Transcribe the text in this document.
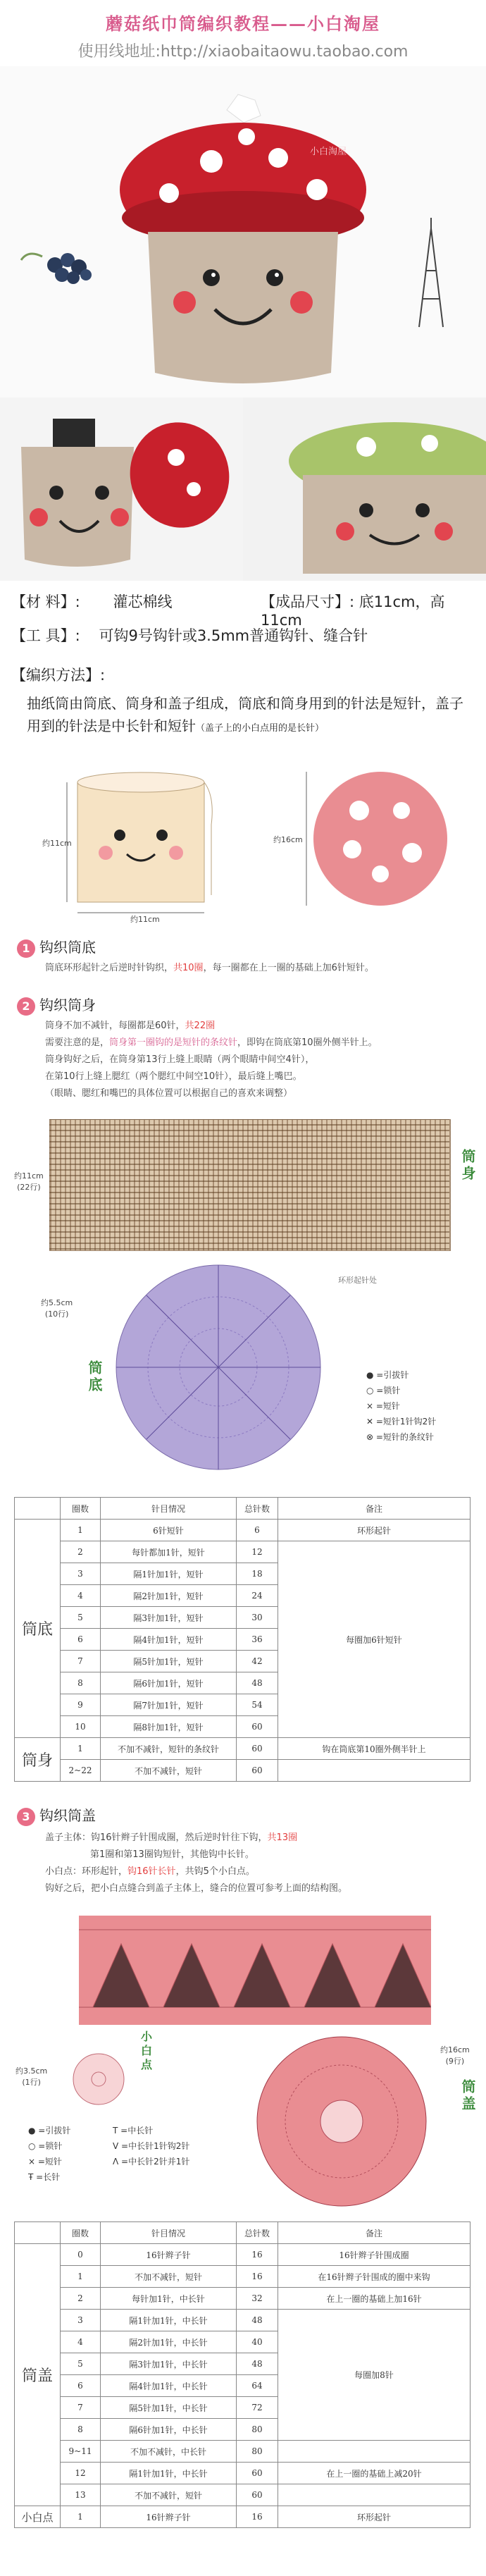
蘑菇纸巾筒编织教程——小白淘屋
使用线地址:http://xiaobaitaowu.taobao.com
小白淘屋
【材 料】: 灌芯棉线	【成品尺寸】: 底11cm，高11cm
【工 具】: 可钩9号钩针或3.5mm普通钩针、缝合针
【编织方法】:
抽纸筒由筒底、筒身和盖子组成，筒底和筒身用到的针法是短针，盖子用到的针法是中长针和短针（盖子上的小白点用的是长针）
约11cm
约11cm
约16cm
1 钩织筒底
筒底环形起针之后逆时针钩织，共10圈，每一圈都在上一圈的基础上加6针短针。
2 钩织筒身
筒身不加不减针，每圈都是60针，共22圈
需要注意的是，筒身第一圈钩的是短针的条纹针，即钩在筒底第10圈外侧半针上。
筒身钩好之后，在筒身第13行上缝上眼睛（两个眼睛中间空4针），
在第10行上缝上腮红（两个腮红中间空10针），最后缝上嘴巴。
（眼睛、腮红和嘴巴的具体位置可以根据自己的喜欢来调整）
筒身
约11cm
(22行)
约5.5cm
(10行)
筒底
环形起针处
● =引拔针
○ =锁针
× =短针
✕ =短针1针钩2针
⊗ =短针的条纹针
	圈数	针目情况	总针数	备注
筒底	1	6针短针	6	环形起针
	2	每针都加1针，短针	12	每圈加6针短针
	3	隔1针加1针，短针	18	
	4	隔2针加1针，短针	24	
	5	隔3针加1针，短针	30	
	6	隔4针加1针，短针	36	
	7	隔5针加1针，短针	42	
	8	隔6针加1针，短针	48	
	9	隔7针加1针，短针	54	
	10	隔8针加1针，短针	60	
筒身	1	不加不减针，短针的条纹针	60	钩在筒底第10圈外侧半针上
	2~22	不加不减针，短针	60	
3 钩织筒盖
盖子主体：钩16针辫子针围成圈，然后逆时针往下钩，共13圈
第1圈和第13圈钩短针，其他钩中长针。
小白点：环形起针，钩16针长针，共钩5个小白点。
钩好之后，把小白点缝合到盖子主体上，缝合的位置可参考上面的结构图。
筒盖
约16cm
(9行)
约3.5cm
(1行)
小白点
● =引拔针
○ =锁针
× =短针
Ŧ =长针
T =中长针
V =中长针1针钩2针
Λ =中长针2针并1针
	圈数	针目情况	总针数	备注
筒盖	0	16针辫子针	16	16针辫子针围成圈
	1	不加不减针，短针	16	在16针辫子针围成的圈中来钩
	2	每针加1针，中长针	32	在上一圈的基础上加16针
	3	隔1针加1针，中长针	48	每圈加8针
	4	隔2针加1针，中长针	40	
	5	隔3针加1针，中长针	48	
	6	隔4针加1针，中长针	64	
	7	隔5针加1针，中长针	72	
	8	隔6针加1针，中长针	80	
	9~11	不加不减针，中长针	80	
	12	隔1针加1针，中长针	60	在上一圈的基础上减20针
	13	不加不减针，短针	60	
小白点	1	16针辫子针	16	环形起针
